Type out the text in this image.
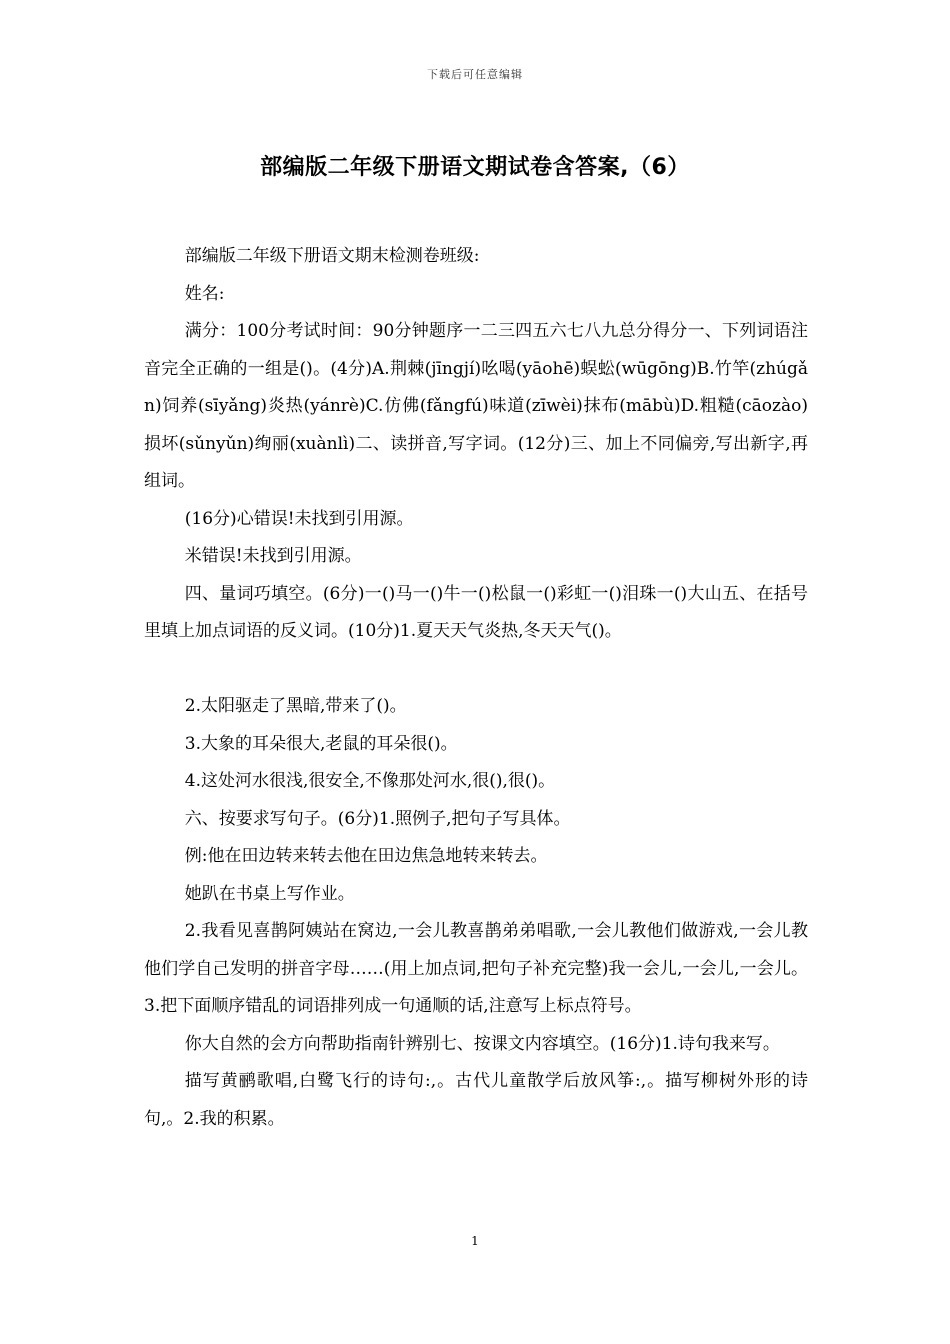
下载后可任意编辑
部编版二年级下册语文期试卷含答案,（6）

部编版二年级下册语文期末检测卷班级:

姓名:

满分：100分考试时间：90分钟题序一二三四五六七八九总分得分一、下列词语注音完全正确的一组是()。(4分)A.荆棘(jīngjí)吆喝(yāohē)蜈蚣(wūgōng)B.竹竿(zhúgǎn)饲养(sīyǎng)炎热(yánrè)C.仿佛(fǎngfú)味道(zīwèi)抹布(mābù)D.粗糙(cāozào)损坏(sǔnyǔn)绚丽(xuànlì)二、读拼音,写字词。(12分)三、加上不同偏旁,写出新字,再组词。

(16分)心错误!未找到引用源。

米错误!未找到引用源。

四、量词巧填空。(6分)一()马一()牛一()松鼠一()彩虹一()泪珠一()大山五、在括号里填上加点词语的反义词。(10分)1.夏天天气炎热,冬天天气()。

2.太阳驱走了黑暗,带来了()。

3.大象的耳朵很大,老鼠的耳朵很()。

4.这处河水很浅,很安全,不像那处河水,很(),很()。

六、按要求写句子。(6分)1.照例子,把句子写具体。

例:他在田边转来转去他在田边焦急地转来转去。

她趴在书桌上写作业。

2.我看见喜鹊阿姨站在窝边,一会儿教喜鹊弟弟唱歌,一会儿教他们做游戏,一会儿教他们学自己发明的拼音字母……(用上加点词,把句子补充完整)我一会儿,一会儿,一会儿。3.把下面顺序错乱的词语排列成一句通顺的话,注意写上标点符号。

你大自然的会方向帮助指南针辨别七、按课文内容填空。(16分)1.诗句我来写。

描写黄鹂歌唱,白鹭飞行的诗句:,。古代儿童散学后放风筝:,。描写柳树外形的诗句,。2.我的积累。

1
